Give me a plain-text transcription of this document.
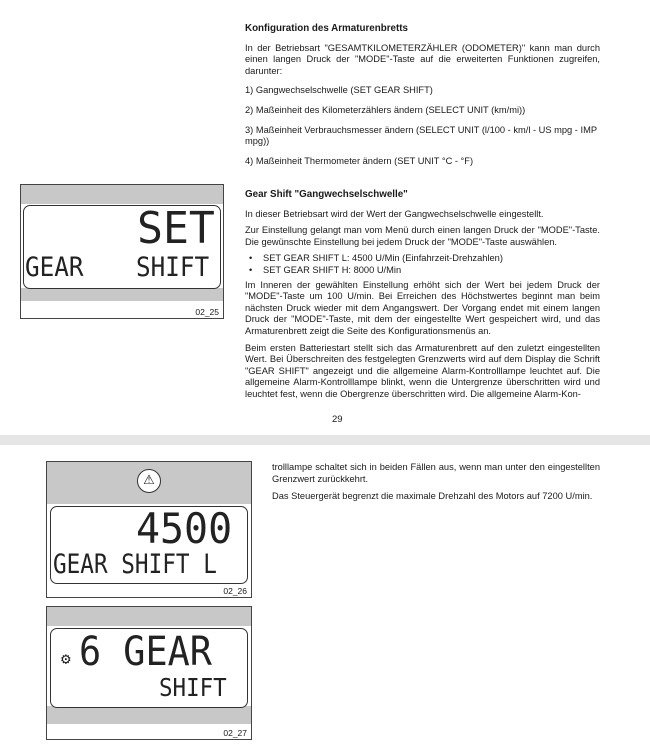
Konfiguration des Armaturenbretts

In der Betriebsart "GESAMTKILOMETERZÄHLER (ODOMETER)" kann man durch einen langen Druck der "MODE"-Taste auf die erweiterten Funktionen zugreifen, darunter:

1) Gangwechselschwelle (SET GEAR SHIFT)

2) Maßeinheit des Kilometerzählers ändern (SELECT UNIT (km/mi))

3) Maßeinheit Verbrauchsmesser ändern (SELECT UNIT (l/100 - km/l - US mpg - IMP mpg))

4) Maßeinheit Thermometer ändern (SET UNIT °C - °F)

Gear Shift "Gangwechselschwelle"

In dieser Betriebsart wird der Wert der Gangwechselschwelle eingestellt.

Zur Einstellung gelangt man vom Menü durch einen langen Druck der "MODE"-Taste. Die gewünschte Einstellung bei jedem Druck der "MODE"-Taste auswählen.

• SET GEAR SHIFT L: 4500 U/Min (Einfahrzeit-Drehzahlen)
• SET GEAR SHIFT H: 8000 U/Min

Im Inneren der gewählten Einstellung erhöht sich der Wert bei jedem Druck der "MODE"-Taste um 100 U/min. Bei Erreichen des Höchstwertes beginnt man beim nächsten Druck wieder mit dem Angangswert. Der Vorgang endet mit einem langen Druck der "MODE"-Taste, mit dem der eingestellte Wert gespeichert wird, und das Armaturenbrett zeigt die Seite des Konfigurationsmenüs an.

Beim ersten Batteriestart stellt sich das Armaturenbrett auf den zuletzt eingestellten Wert. Bei Überschreiten des festgelegten Grenzwerts wird auf dem Display die Schrift "GEAR SHIFT" angezeigt und die allgemeine Alarm-Kontrolllampe leuchtet auf. Die allgemeine Alarm-Kontrolllampe blinkt, wenn die Untergrenze überschritten wird und leuchtet fest, wenn die Obergrenze überschritten wird. Die allgemeine Alarm-Kon-

29
SET
GEAR SHIFT
02_25

trolllampe schaltet sich in beiden Fällen aus, wenn man unter den eingestellten Grenzwert zurückkehrt.

Das Steuergerät begrenzt die maximale Drehzahl des Motors auf 7200 U/min.

⚠
4500
GEAR SHIFT L
02_26
⚙ 6 GEAR
SHIFT
02_27
